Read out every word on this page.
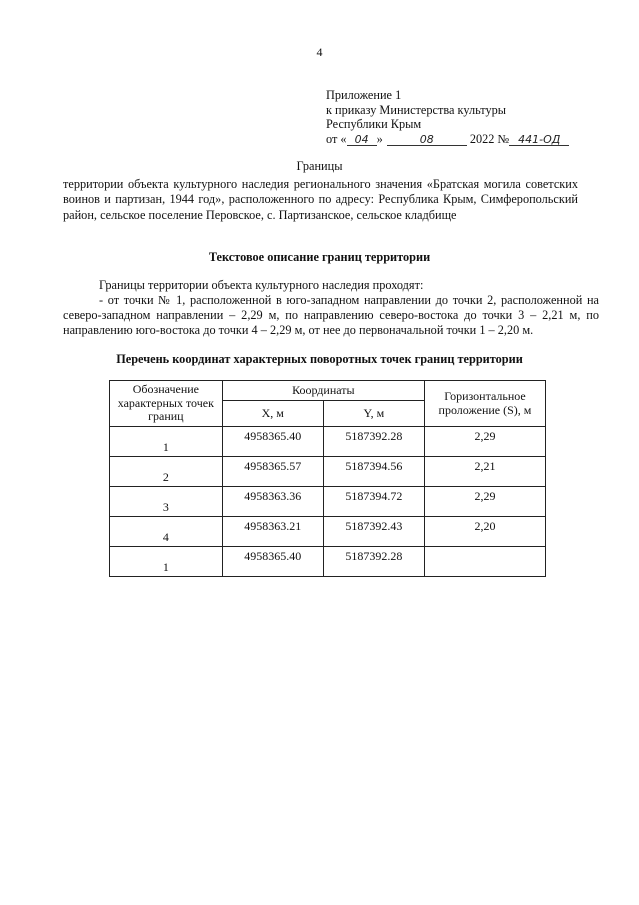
4
Приложение 1
к приказу Министерства культуры
Республики Крым
от « 04 »	08	2022 № 441-ОД
Границы
территории объекта культурного наследия регионального значения «Братская могила советских воинов и партизан, 1944 год», расположенного по адресу: Республика Крым, Симферопольский район, сельское поселение Перовское, с. Партизанское, сельское кладбище
Текстовое описание границ территории
Границы территории объекта культурного наследия проходят:
- от точки № 1, расположенной в юго-западном направлении до точки 2, расположенной на северо-западном направлении – 2,29 м, по направлению северо-востока до точки 3 – 2,21 м, по направлению юго-востока до точки 4 – 2,29 м, от нее до первоначальной точки 1 – 2,20 м.
Перечень координат характерных поворотных точек границ территории
Обозначение характерных точек границ	Координаты		Горизонтальное проложение (S), м
	X, м	Y, м	
1	4958365.40	5187392.28	2,29
2	4958365.57	5187394.56	2,21
3	4958363.36	5187394.72	2,29
4	4958363.21	5187392.43	2,20
1	4958365.40	5187392.28	
